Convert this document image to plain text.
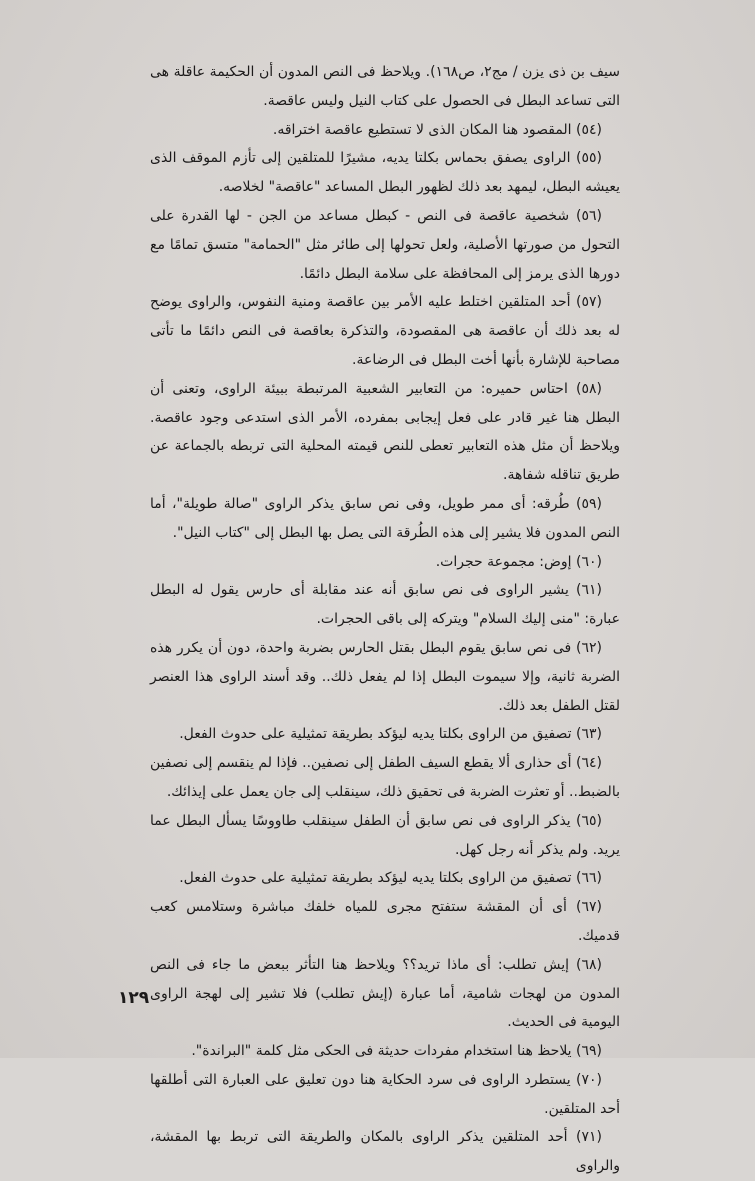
سيف بن ذى يزن / مج٢، ص١٦٨). ويلاحظ فى النص المدون أن الحكيمة عاقلة هى التى تساعد البطل فى الحصول على كتاب النيل وليس عاقصة.

(٥٤) المقصود هنا المكان الذى لا تستطيع عاقصة اختراقه.

(٥٥) الراوى يصفق بحماس بكلتا يديه، مشيرًا للمتلقين إلى تأزم الموقف الذى يعيشه البطل، ليمهد بعد ذلك لظهور البطل المساعد "عاقصة" لخلاصه.

(٥٦) شخصية عاقصة فى النص - كبطل مساعد من الجن - لها القدرة على التحول من صورتها الأصلية، ولعل تحولها إلى طائر مثل "الحمامة" متسق تمامًا مع دورها الذى يرمز إلى المحافظة على سلامة البطل دائمًا.

(٥٧) أحد المتلقين اختلط عليه الأمر بين عاقصة ومنية النفوس، والراوى يوضح له بعد ذلك أن عاقصة هى المقصودة، والتذكرة بعاقصة فى النص دائمًا ما تأتى مصاحبة للإشارة بأنها أخت البطل فى الرضاعة.

(٥٨) احتاس حميره: من التعابير الشعبية المرتبطة ببيئة الراوى، وتعنى أن البطل هنا غير قادر على فعل إيجابى بمفرده، الأمر الذى استدعى وجود عاقصة. ويلاحظ أن مثل هذه التعابير تعطى للنص قيمته المحلية التى تربطه بالجماعة عن طريق تناقله شفاهة.

(٥٩) طُرقه: أى ممر طويل، وفى نص سابق يذكر الراوى "صالة طويلة"، أما النص المدون فلا يشير إلى هذه الطُرقة التى يصل بها البطل إلى "كتاب النيل".

(٦٠) إوض: مجموعة حجرات.

(٦١) يشير الراوى فى نص سابق أنه عند مقابلة أى حارس يقول له البطل عبارة: "منى إليك السلام" ويتركه إلى باقى الحجرات.

(٦٢) فى نص سابق يقوم البطل بقتل الحارس بضربة واحدة، دون أن يكرر هذه الضربة ثانية، وإلا سيموت البطل إذا لم يفعل ذلك.. وقد أسند الراوى هذا العنصر لقتل الطفل بعد ذلك.

(٦٣) تصفيق من الراوى بكلتا يديه ليؤكد بطريقة تمثيلية على حدوث الفعل.

(٦٤) أى حذارى ألا يقطع السيف الطفل إلى نصفين.. فإذا لم ينقسم إلى نصفين بالضبط.. أو تعثرت الضربة فى تحقيق ذلك، سينقلب إلى جان يعمل على إيذائك.

(٦٥) يذكر الراوى فى نص سابق أن الطفل سينقلب طاووسًا يسأل البطل عما يريد. ولم يذكر أنه رجل كهل.

(٦٦) تصفيق من الراوى بكلتا يديه ليؤكد بطريقة تمثيلية على حدوث الفعل.

(٦٧) أى أن المقشة ستفتح مجرى للمياه خلفك مباشرة وستلامس كعب قدميك.

(٦٨) إيش تطلب: أى ماذا تريد؟؟ ويلاحظ هنا التأثر ببعض ما جاء فى النص المدون من لهجات شامية، أما عبارة (إيش تطلب) فلا تشير إلى لهجة الراوى اليومية فى الحديث.

(٦٩) يلاحظ هنا استخدام مفردات حديثة فى الحكى مثل كلمة "البراندة".

(٧٠) يستطرد الراوى فى سرد الحكاية هنا دون تعليق على العبارة التى أطلقها أحد المتلقين.

(٧١) أحد المتلقين يذكر الراوى بالمكان والطريقة التى تربط بها المقشة، والراوى

١٢٩
